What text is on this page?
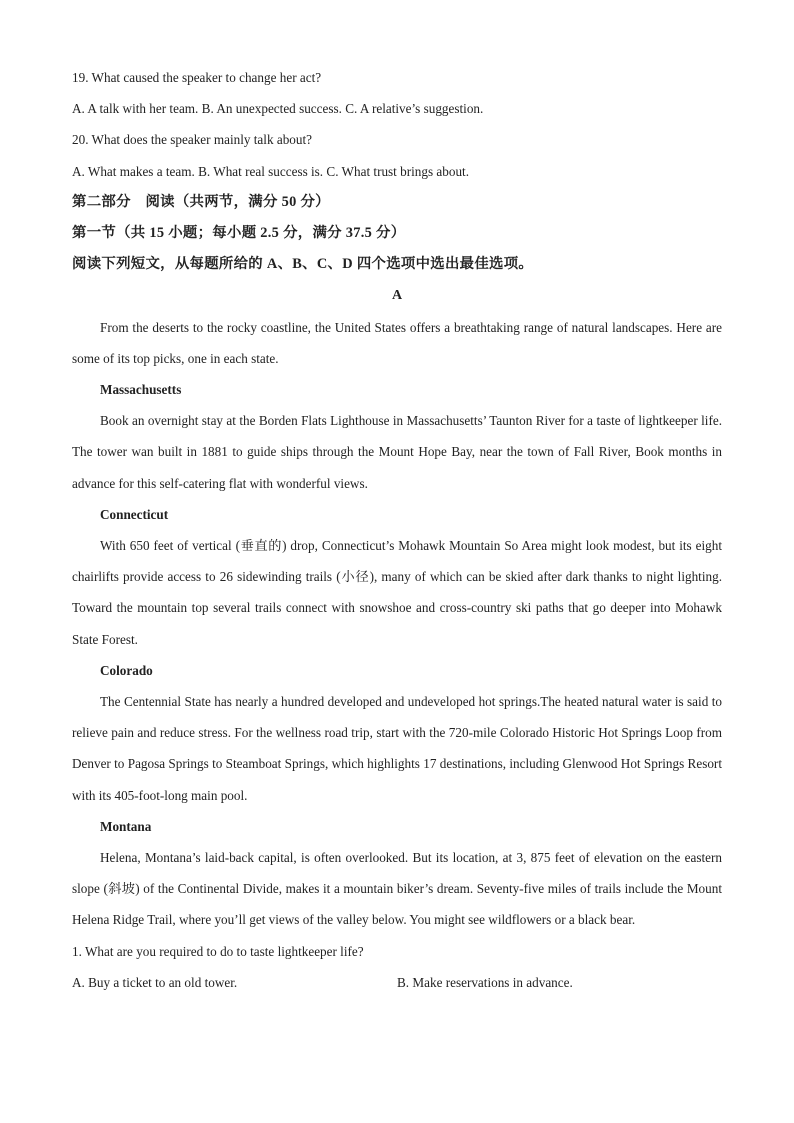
19. What caused the speaker to change her act?
A. A talk with her team. B. An unexpected success. C. A relative’s suggestion.
20. What does the speaker mainly talk about?
A. What makes a team. B. What real success is. C. What trust brings about.
第二部分　阅读（共两节，满分 50 分）
第一节（共 15 小题；每小题 2.5 分，满分 37.5 分）
阅读下列短文，从每题所给的 A、B、C、D 四个选项中选出最佳选项。
A
From the deserts to the rocky coastline, the United States offers a breathtaking range of natural landscapes. Here are some of its top picks, one in each state.
Massachusetts
Book an overnight stay at the Borden Flats Lighthouse in Massachusetts’ Taunton River for a taste of lightkeeper life. The tower wan built in 1881 to guide ships through the Mount Hope Bay, near the town of Fall River, Book months in advance for this self-catering flat with wonderful views.
Connecticut
With 650 feet of vertical (垂直的) drop, Connecticut’s Mohawk Mountain So Area might look modest, but its eight chairlifts provide access to 26 sidewinding trails (小径), many of which can be skied after dark thanks to night lighting. Toward the mountain top several trails connect with snowshoe and cross-country ski paths that go deeper into Mohawk State Forest.
Colorado
The Centennial State has nearly a hundred developed and undeveloped hot springs.The heated natural water is said to relieve pain and reduce stress. For the wellness road trip, start with the 720-mile Colorado Historic Hot Springs Loop from Denver to Pagosa Springs to Steamboat Springs, which highlights 17 destinations, including Glenwood Hot Springs Resort with its 405-foot-long main pool.
Montana
Helena, Montana’s laid-back capital, is often overlooked. But its location, at 3, 875 feet of elevation on the eastern slope (斜坡) of the Continental Divide, makes it a mountain biker’s dream. Seventy-five miles of trails include the Mount Helena Ridge Trail, where you’ll get views of the valley below. You might see wildflowers or a black bear.
1. What are you required to do to taste lightkeeper life?
A. Buy a ticket to an old tower.	B. Make reservations in advance.
